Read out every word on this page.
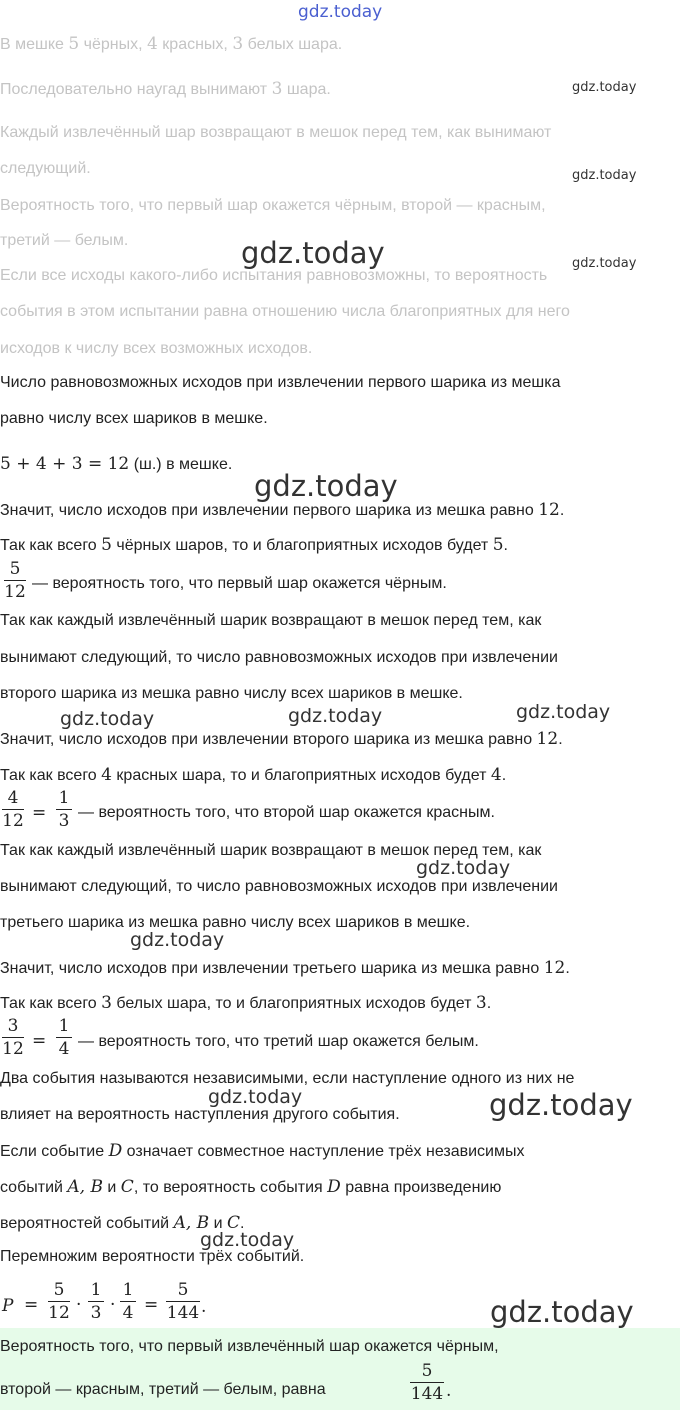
В мешке 5 чёрных, 4 красных, 3 белых шара.
Последовательно наугад вынимают 3 шара.
Каждый извлечённый шар возвращают в мешок перед тем, как вынимают
следующий.
Вероятность того, что первый шар окажется чёрным, второй — красным,
третий — белым.
Если все исходы какого-либо испытания равновозможны, то вероятность
события в этом испытании равна отношению числа благоприятных для него
исходов к числу всех возможных исходов.
Число равновозможных исходов при извлечении первого шарика из мешка
равно числу всех шариков в мешке.
5 + 4 + 3 = 12 (ш.) в мешке.
Значит, число исходов при извлечении первого шарика из мешка равно 12.
Так как всего 5 чёрных шаров, то и благоприятных исходов будет 5.
5
12 — вероятность того, что первый шар окажется чёрным.
Так как каждый извлечённый шарик возвращают в мешок перед тем, как
вынимают следующий, то число равновозможных исходов при извлечении
второго шарика из мешка равно числу всех шариков в мешке.
Значит, число исходов при извлечении второго шарика из мешка равно 12.
Так как всего 4 красных шара, то и благоприятных исходов будет 4.
4
12 =
1
3 — вероятность того, что второй шар окажется красным.
Так как каждый извлечённый шарик возвращают в мешок перед тем, как
вынимают следующий, то число равновозможных исходов при извлечении
третьего шарика из мешка равно числу всех шариков в мешке.
Значит, число исходов при извлечении третьего шарика из мешка равно 12.
Так как всего 3 белых шара, то и благоприятных исходов будет 3.
3
12 =
1
4 — вероятность того, что третий шар окажется белым.
Два события называются независимыми, если наступление одного из них не
влияет на вероятность наступления другого события.
Если событие D означает совместное наступление трёх независимых
событий A, B и C, то вероятность события D равна произведению
вероятностей событий A, B и C.
Перемножим вероятности трёх событий.
P =
5
12 ·
1
3 ·
1
4 =
5
144 .
Вероятность того, что первый извлечённый шар окажется чёрным,
второй — красным, третий — белым, равна
5
144 .
gdz.today
gdz.today
gdz.today
gdz.today
gdz.today
gdz.today
gdz.today	gdz.today	gdz.today
gdz.today
gdz.today
gdz.today	gdz.today
gdz.today
gdz.today
